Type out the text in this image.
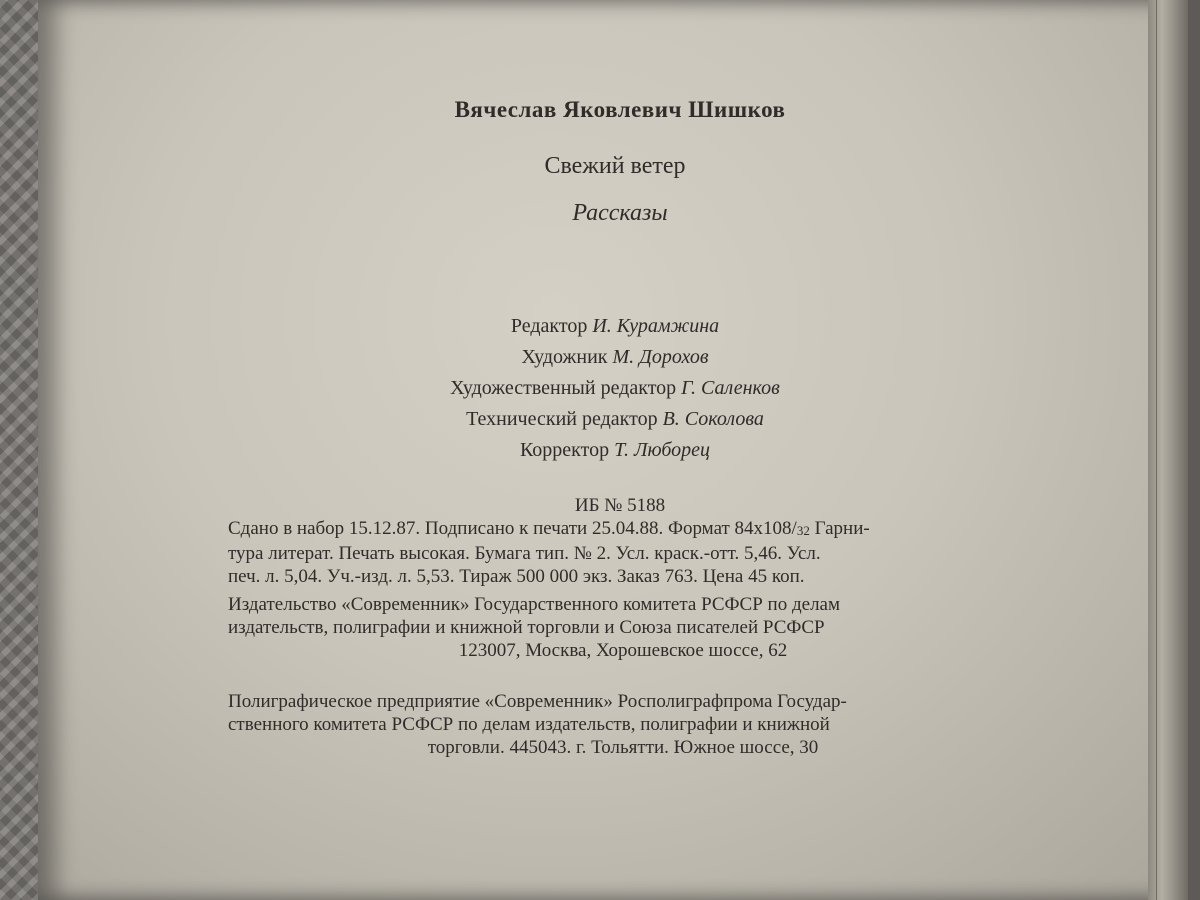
Вячеслав Яковлевич Шишков
Свежий ветер
Рассказы
Редактор И. Курамжина
Художник М. Дорохов
Художественный редактор Г. Саленков
Технический редактор В. Соколова
Корректор Т. Люборец
ИБ № 5188
Сдано в набор 15.12.87. Подписано к печати 25.04.88. Формат $84x108/_{32}$ Гарни-
тура литерат. Печать высокая. Бумага тип. № 2. Усл. краск.-отт. 5,46. Усл.
печ. л. 5,04. Уч.-изд. л. 5,53. Тираж 500 000 экз. Заказ 763. Цена 45 коп.
Издательство «Современник» Государственного комитета РСФСР по делам
издательств, полиграфии и книжной торговли и Союза писателей РСФСР
123007, Москва, Хорошевское шоссе, 62
Полиграфическое предприятие «Современник» Росполиграфпрома Государ-
ственного комитета РСФСР по делам издательств, полиграфии и книжной
торговли. 445043. г. Тольятти. Южное шоссе, 30
